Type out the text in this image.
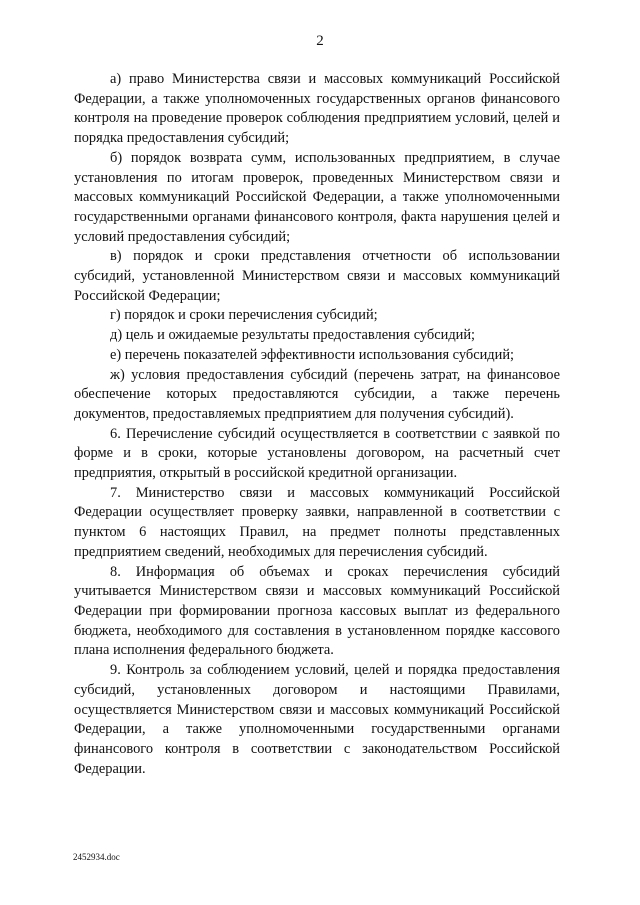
2

а) право Министерства связи и массовых коммуникаций Российской Федерации, а также уполномоченных государственных органов финансового контроля на проведение проверок соблюдения предприятием условий, целей и порядка предоставления субсидий;

б) порядок возврата сумм, использованных предприятием, в случае установления по итогам проверок, проведенных Министерством связи и массовых коммуникаций Российской Федерации, а также уполномоченными государственными органами финансового контроля, факта нарушения целей и условий предоставления субсидий;

в) порядок и сроки представления отчетности об использовании субсидий, установленной Министерством связи и массовых коммуникаций Российской Федерации;

г) порядок и сроки перечисления субсидий;

д) цель и ожидаемые результаты предоставления субсидий;

е) перечень показателей эффективности использования субсидий;

ж) условия предоставления субсидий (перечень затрат, на финансовое обеспечение которых предоставляются субсидии, а также перечень документов, предоставляемых предприятием для получения субсидий).

6. Перечисление субсидий осуществляется в соответствии с заявкой по форме и в сроки, которые установлены договором, на расчетный счет предприятия, открытый в российской кредитной организации.

7. Министерство связи и массовых коммуникаций Российской Федерации осуществляет проверку заявки, направленной в соответствии с пунктом 6 настоящих Правил, на предмет полноты представленных предприятием сведений, необходимых для перечисления субсидий.

8. Информация об объемах и сроках перечисления субсидий учитывается Министерством связи и массовых коммуникаций Российской Федерации при формировании прогноза кассовых выплат из федерального бюджета, необходимого для составления в установленном порядке кассового плана исполнения федерального бюджета.

9. Контроль за соблюдением условий, целей и порядка предоставления субсидий, установленных договором и настоящими Правилами, осуществляется Министерством связи и массовых коммуникаций Российской Федерации, а также уполномоченными государственными органами финансового контроля в соответствии с законодательством Российской Федерации.

2452934.doc
